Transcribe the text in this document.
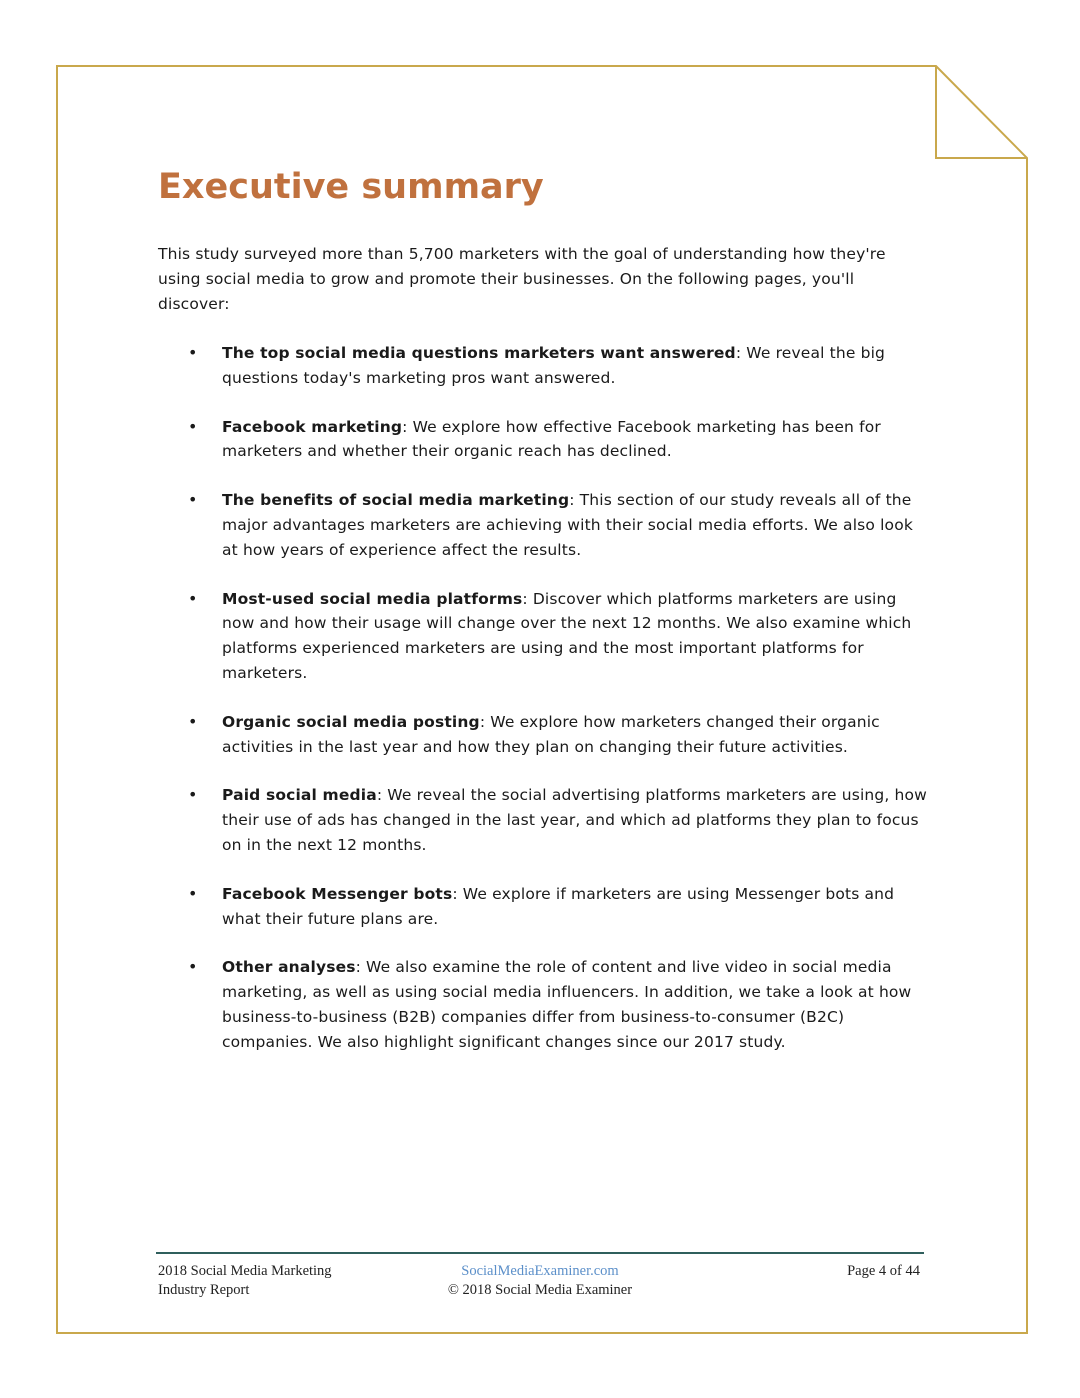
Executive summary

This study surveyed more than 5,700 marketers with the goal of understanding how they're using social media to grow and promote their businesses. On the following pages, you'll discover:

• The top social media questions marketers want answered: We reveal the big questions today's marketing pros want answered.
• Facebook marketing: We explore how effective Facebook marketing has been for marketers and whether their organic reach has declined.
• The benefits of social media marketing: This section of our study reveals all of the major advantages marketers are achieving with their social media efforts. We also look at how years of experience affect the results.
• Most-used social media platforms: Discover which platforms marketers are using now and how their usage will change over the next 12 months. We also examine which platforms experienced marketers are using and the most important platforms for marketers.
• Organic social media posting: We explore how marketers changed their organic activities in the last year and how they plan on changing their future activities.
• Paid social media: We reveal the social advertising platforms marketers are using, how their use of ads has changed in the last year, and which ad platforms they plan to focus on in the next 12 months.
• Facebook Messenger bots: We explore if marketers are using Messenger bots and what their future plans are.
• Other analyses: We also examine the role of content and live video in social media marketing, as well as using social media influencers. In addition, we take a look at how business-to-business (B2B) companies differ from business-to-consumer (B2C) companies. We also highlight significant changes since our 2017 study.
2018 Social Media Marketing
Industry Report
SocialMediaExaminer.com
© 2018 Social Media Examiner
Page 4 of 44
